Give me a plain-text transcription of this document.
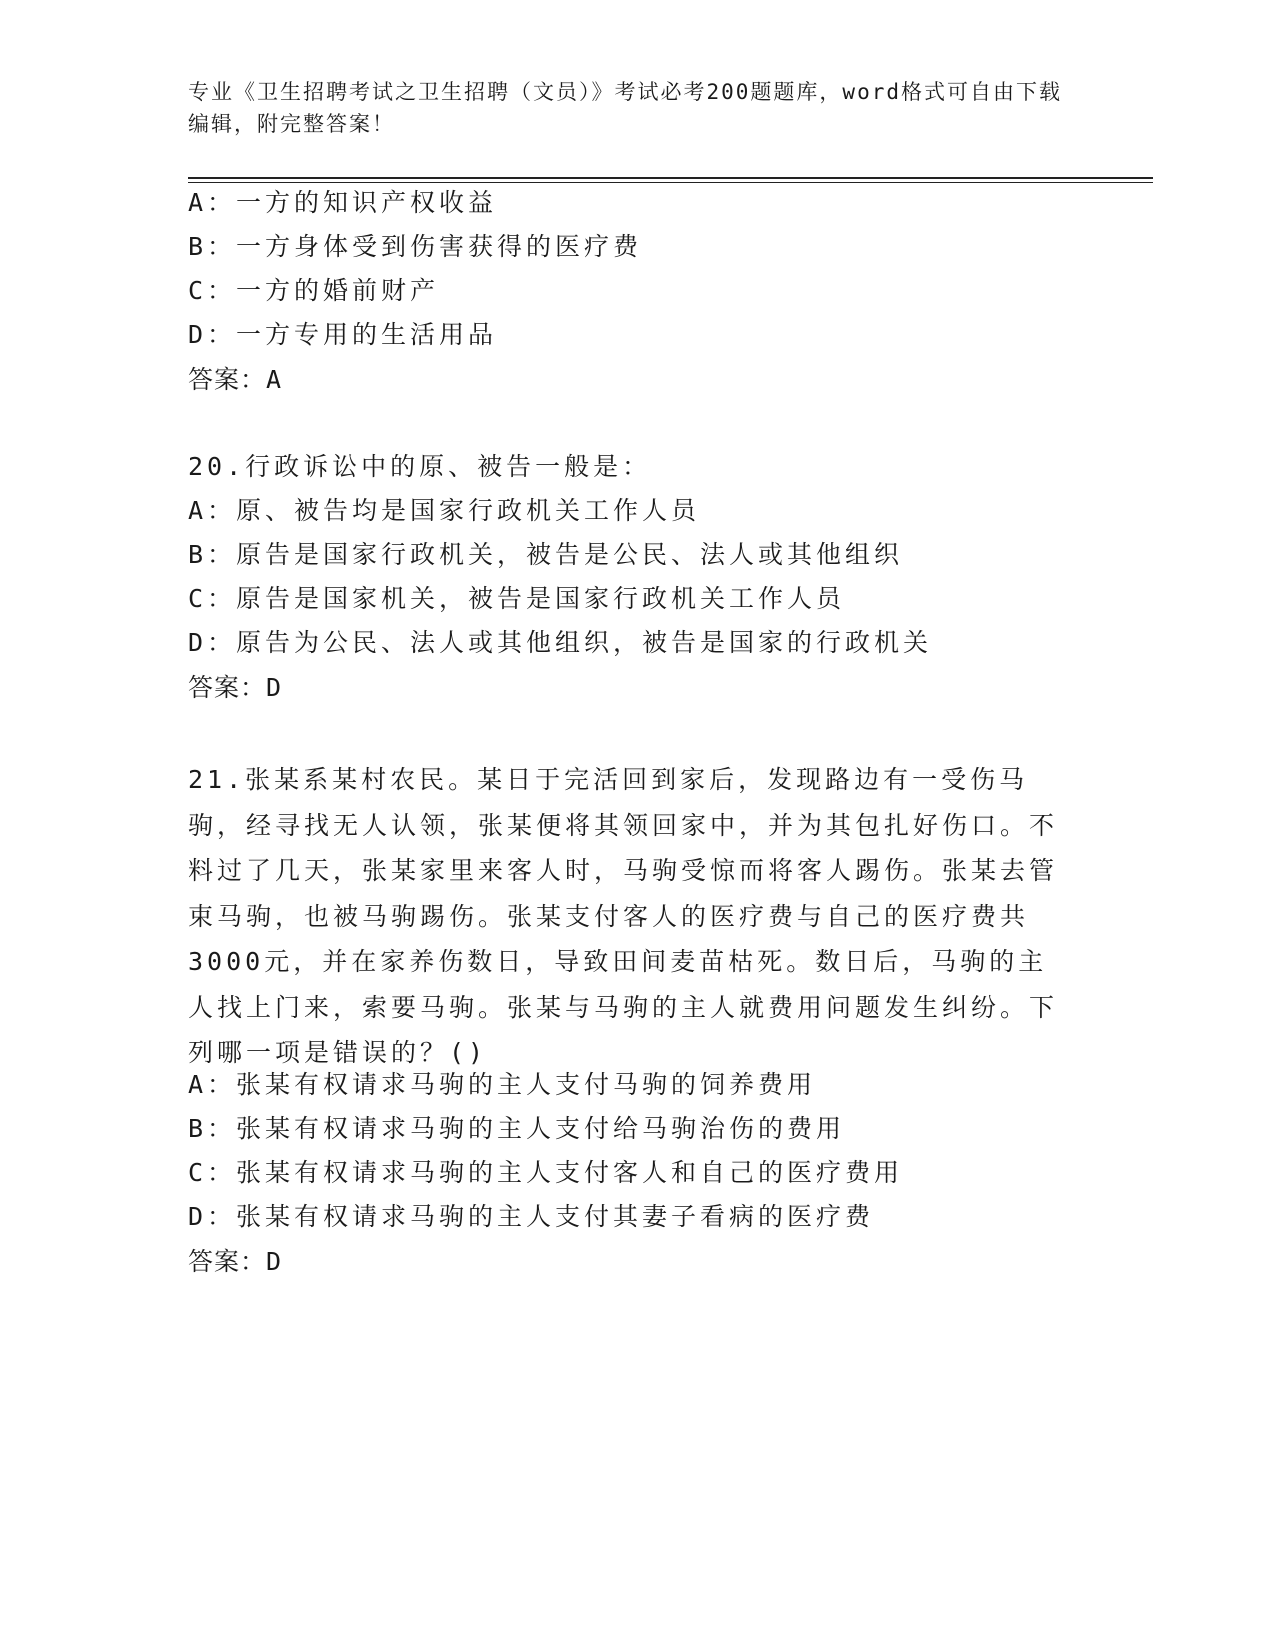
专业《卫生招聘考试之卫生招聘（文员）》考试必考200题题库，word格式可自由下载编辑，附完整答案！
A：一方的知识产权收益
B：一方身体受到伤害获得的医疗费
C：一方的婚前财产
D：一方专用的生活用品
答案：A
20.行政诉讼中的原、被告一般是：
A：原、被告均是国家行政机关工作人员
B：原告是国家行政机关，被告是公民、法人或其他组织
C：原告是国家机关，被告是国家行政机关工作人员
D：原告为公民、法人或其他组织，被告是国家的行政机关
答案：D
21.张某系某村农民。某日于完活回到家后，发现路边有一受伤马驹，经寻找无人认领，张某便将其领回家中，并为其包扎好伤口。不料过了几天，张某家里来客人时，马驹受惊而将客人踢伤。张某去管束马驹，也被马驹踢伤。张某支付客人的医疗费与自己的医疗费共3000元，并在家养伤数日，导致田间麦苗枯死。数日后，马驹的主人找上门来，索要马驹。张某与马驹的主人就费用问题发生纠纷。下列哪一项是错误的？()
A：张某有权请求马驹的主人支付马驹的饲养费用
B：张某有权请求马驹的主人支付给马驹治伤的费用
C：张某有权请求马驹的主人支付客人和自己的医疗费用
D：张某有权请求马驹的主人支付其妻子看病的医疗费
答案：D
